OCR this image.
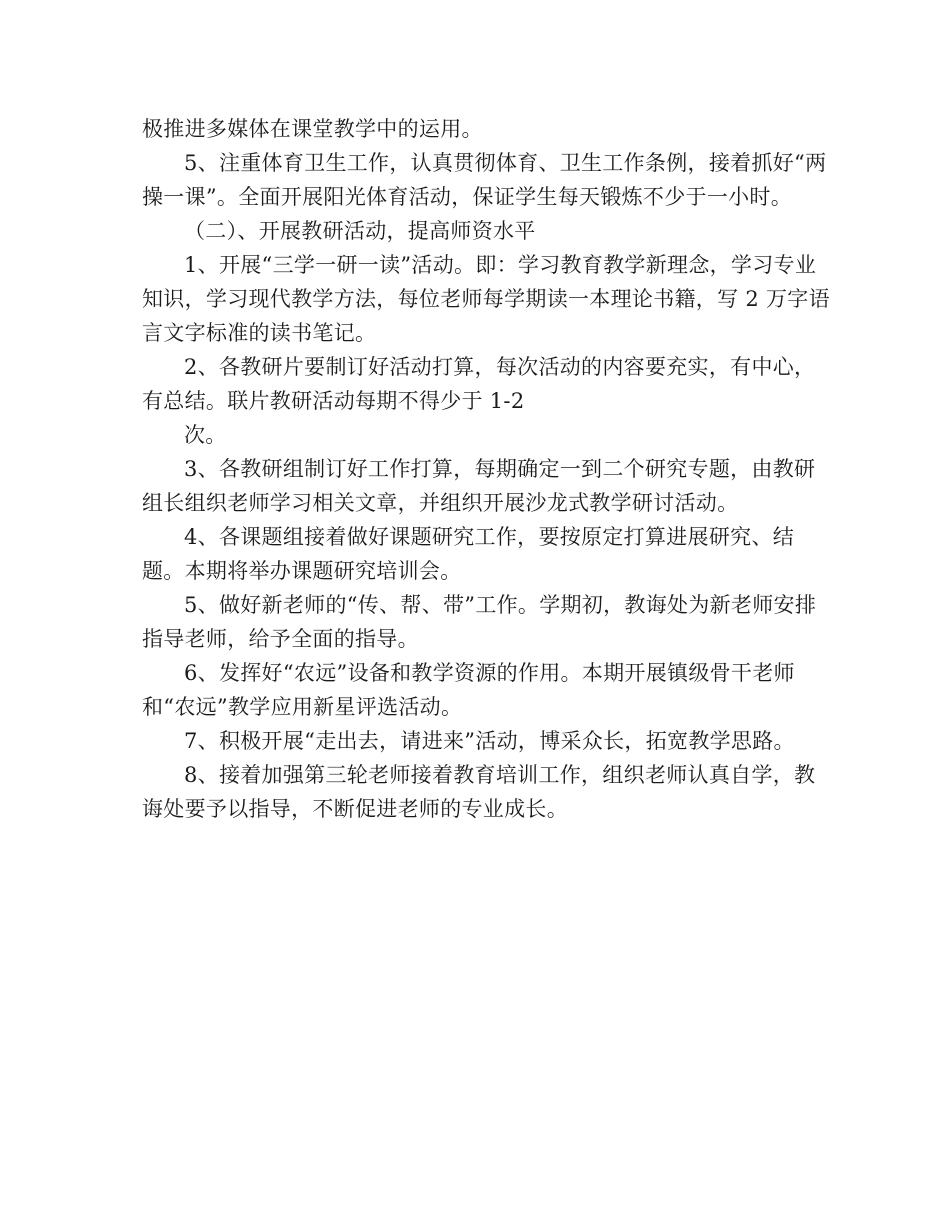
极推进多媒体在课堂教学中的运用。

5、注重体育卫生工作，认真贯彻体育、卫生工作条例，接着抓好“两操一课”。全面开展阳光体育活动，保证学生每天锻炼不少于一小时。

（二）、开展教研活动，提高师资水平

1、开展“三学一研一读”活动。即：学习教育教学新理念，学习专业知识，学习现代教学方法，每位老师每学期读一本理论书籍，写 2 万字语言文字标准的读书笔记。

2、各教研片要制订好活动打算，每次活动的内容要充实，有中心，有总结。联片教研活动每期不得少于 1-2

次。

3、各教研组制订好工作打算，每期确定一到二个研究专题，由教研组长组织老师学习相关文章，并组织开展沙龙式教学研讨活动。

4、各课题组接着做好课题研究工作，要按原定打算进展研究、结题。本期将举办课题研究培训会。

5、做好新老师的“传、帮、带”工作。学期初，教诲处为新老师安排指导老师，给予全面的指导。

6、发挥好“农远”设备和教学资源的作用。本期开展镇级骨干老师和“农远”教学应用新星评选活动。

7、积极开展“走出去，请进来”活动，博采众长，拓宽教学思路。

8、接着加强第三轮老师接着教育培训工作，组织老师认真自学，教诲处要予以指导，不断促进老师的专业成长。
